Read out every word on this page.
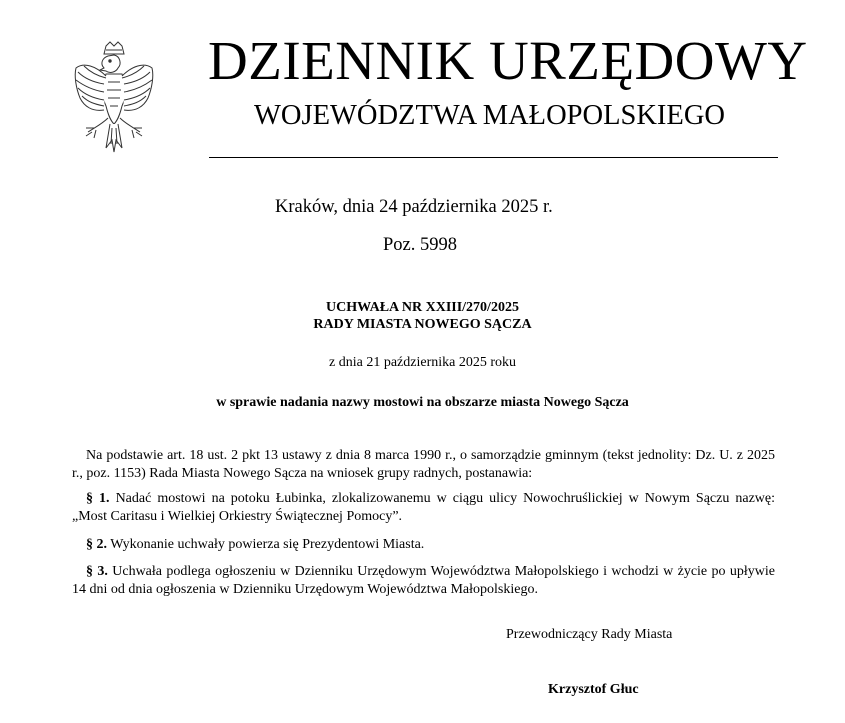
DZIENNIK URZĘDOWY
WOJEWÓDZTWA MAŁOPOLSKIEGO
Kraków, dnia 24 października 2025 r.
Poz. 5998
UCHWAŁA NR XXIII/270/2025
RADY MIASTA NOWEGO SĄCZA
z dnia 21 października 2025 roku
w sprawie nadania nazwy mostowi na obszarze miasta Nowego Sącza
Na podstawie art. 18 ust. 2 pkt 13 ustawy z dnia 8 marca 1990 r., o samorządzie gminnym (tekst jednolity: Dz. U. z 2025 r., poz. 1153) Rada Miasta Nowego Sącza na wniosek grupy radnych, postanawia:
§ 1. Nadać mostowi na potoku Łubinka, zlokalizowanemu w ciągu ulicy Nowochruślickiej w Nowym Sączu nazwę: „Most Caritasu i Wielkiej Orkiestry Świątecznej Pomocy”.
§ 2. Wykonanie uchwały powierza się Prezydentowi Miasta.
§ 3. Uchwała podlega ogłoszeniu w Dzienniku Urzędowym Województwa Małopolskiego i wchodzi w życie po upływie 14 dni od dnia ogłoszenia w Dzienniku Urzędowym Województwa Małopolskiego.
Przewodniczący Rady Miasta
Krzysztof Głuc
